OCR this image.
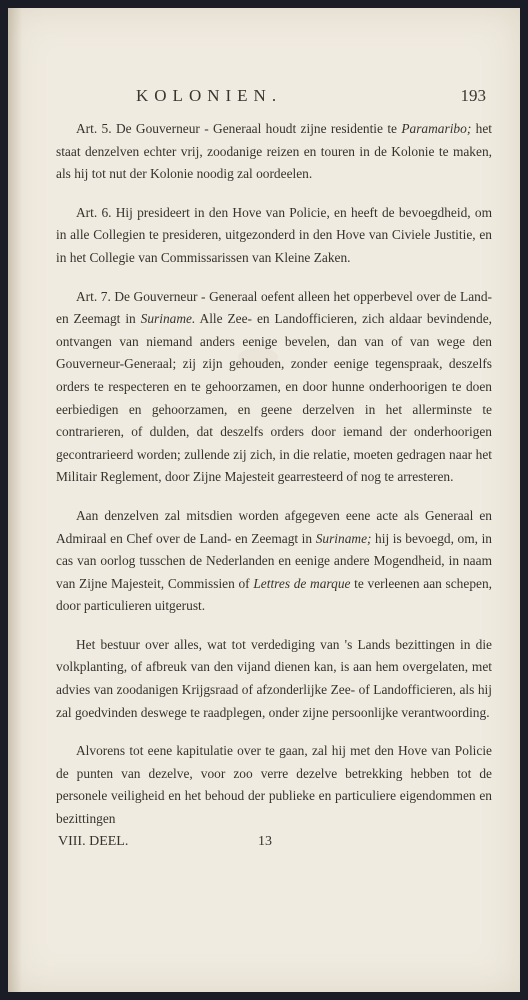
KOLONIEN.	193

Art. 5. De Gouverneur - Generaal houdt zijne residentie te Paramaribo; het staat denzelven echter vrij, zoodanige reizen en touren in de Kolonie te maken, als hij tot nut der Kolonie noodig zal oordeelen.

Art. 6. Hij presideert in den Hove van Policie, en heeft de bevoegdheid, om in alle Collegien te presideren, uitgezonderd in den Hove van Civiele Justitie, en in het Collegie van Commissarissen van Kleine Zaken.

Art. 7. De Gouverneur - Generaal oefent alleen het opperbevel over de Land- en Zeemagt in Suriname. Alle Zee- en Landofficieren, zich aldaar bevindende, ontvangen van niemand anders eenige bevelen, dan van of van wege den Gouverneur-Generaal; zij zijn gehouden, zonder eenige tegenspraak, deszelfs orders te respecteren en te gehoorzamen, en door hunne onderhoorigen te doen eerbiedigen en gehoorzamen, en geene derzelven in het allerminste te contrarieren, of dulden, dat deszelfs orders door iemand der onderhoorigen gecontrarieerd worden; zullende zij zich, in die relatie, moeten gedragen naar het Militair Reglement, door Zijne Majesteit gearresteerd of nog te arresteren.

Aan denzelven zal mitsdien worden afgegeven eene acte als Generaal en Admiraal en Chef over de Land- en Zeemagt in Suriname; hij is bevoegd, om, in cas van oorlog tusschen de Nederlanden en eenige andere Mogendheid, in naam van Zijne Majesteit, Commissien of Lettres de marque te verleenen aan schepen, door particulieren uitgerust.

Het bestuur over alles, wat tot verdediging van 's Lands bezittingen in die volkplanting, of afbreuk van den vijand dienen kan, is aan hem overgelaten, met advies van zoodanigen Krijgsraad of afzonderlijke Zee- of Landofficieren, als hij zal goedvinden deswege te raadplegen, onder zijne persoonlijke verantwoording.

Alvorens tot eene kapitulatie over te gaan, zal hij met den Hove van Policie de punten van dezelve, voor zoo verre dezelve betrekking hebben tot de personele veiligheid en het behoud der publieke en particuliere eigendommen en bezittingen

VIII. DEEL.	13
